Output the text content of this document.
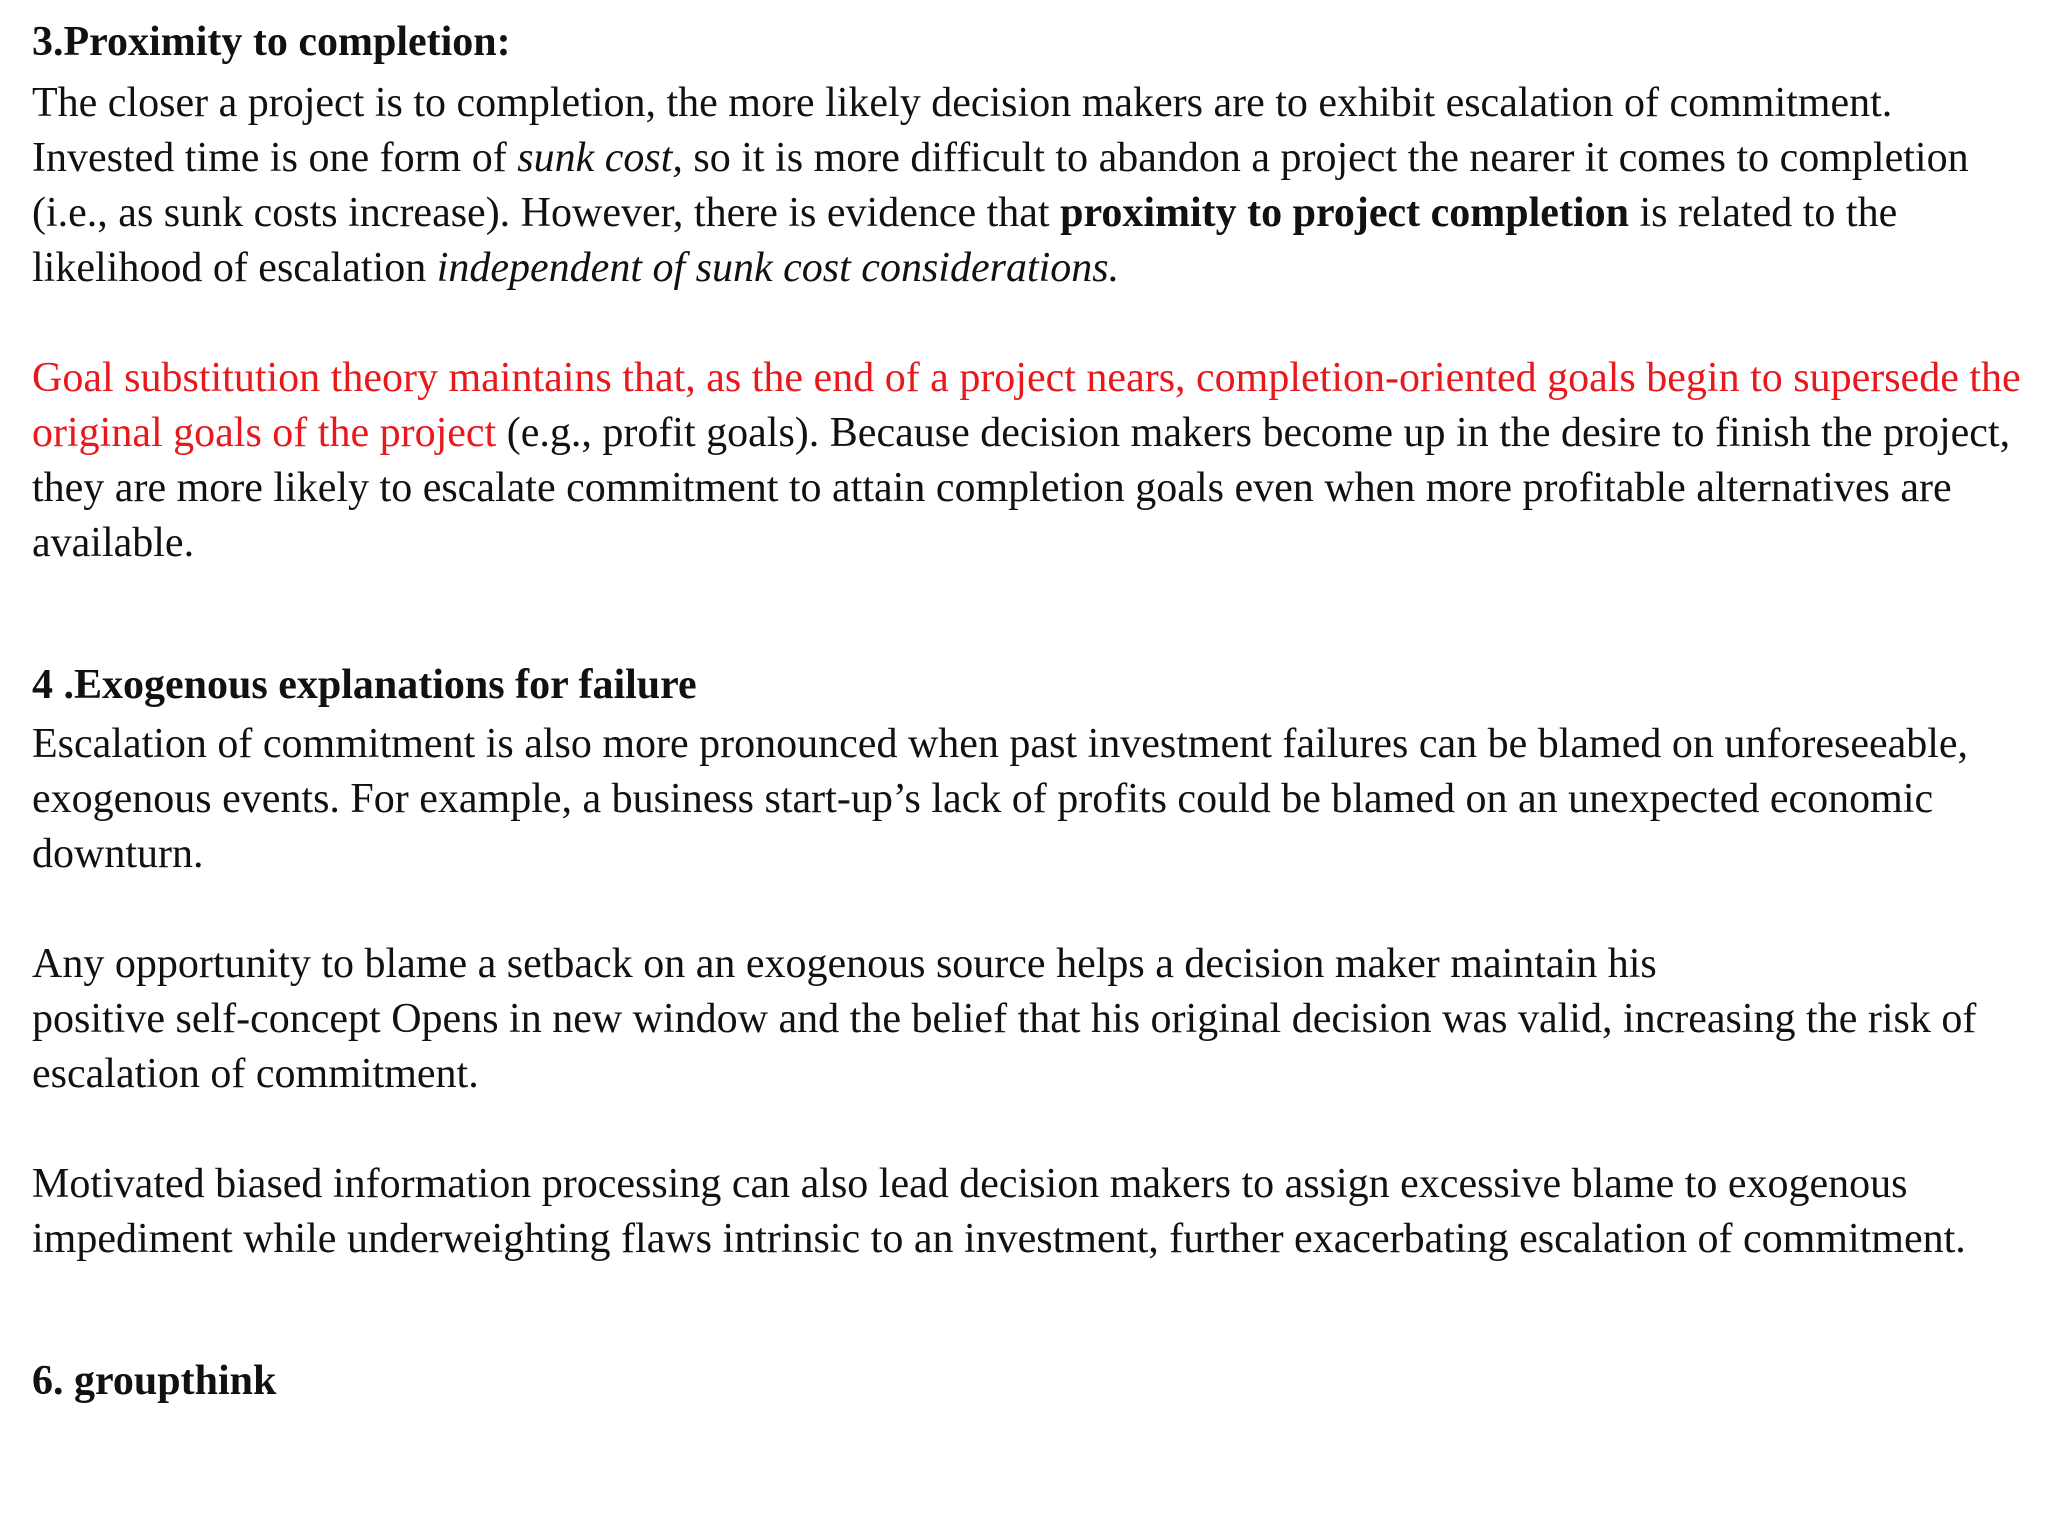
3.Proximity to completion:

The closer a project is to completion, the more likely decision makers are to exhibit escalation of commitment. Invested time is one form of sunk cost, so it is more difficult to abandon a project the nearer it comes to completion (i.e., as sunk costs increase). However, there is evidence that proximity to project completion is related to the likelihood of escalation independent of sunk cost considerations.

Goal substitution theory maintains that, as the end of a project nears, completion-oriented goals begin to supersede the original goals of the project (e.g., profit goals). Because decision makers become up in the desire to finish the project, they are more likely to escalate commitment to attain completion goals even when more profitable alternatives are available.

4 .Exogenous explanations for failure

Escalation of commitment is also more pronounced when past investment failures can be blamed on unforeseeable, exogenous events. For example, a business start-up’s lack of profits could be blamed on an unexpected economic downturn.

Any opportunity to blame a setback on an exogenous source helps a decision maker maintain his
positive self-concept Opens in new window and the belief that his original decision was valid, increasing the risk of escalation of commitment.

Motivated biased information processing can also lead decision makers to assign excessive blame to exogenous impediment while underweighting flaws intrinsic to an investment, further exacerbating escalation of commitment.

6. groupthink
